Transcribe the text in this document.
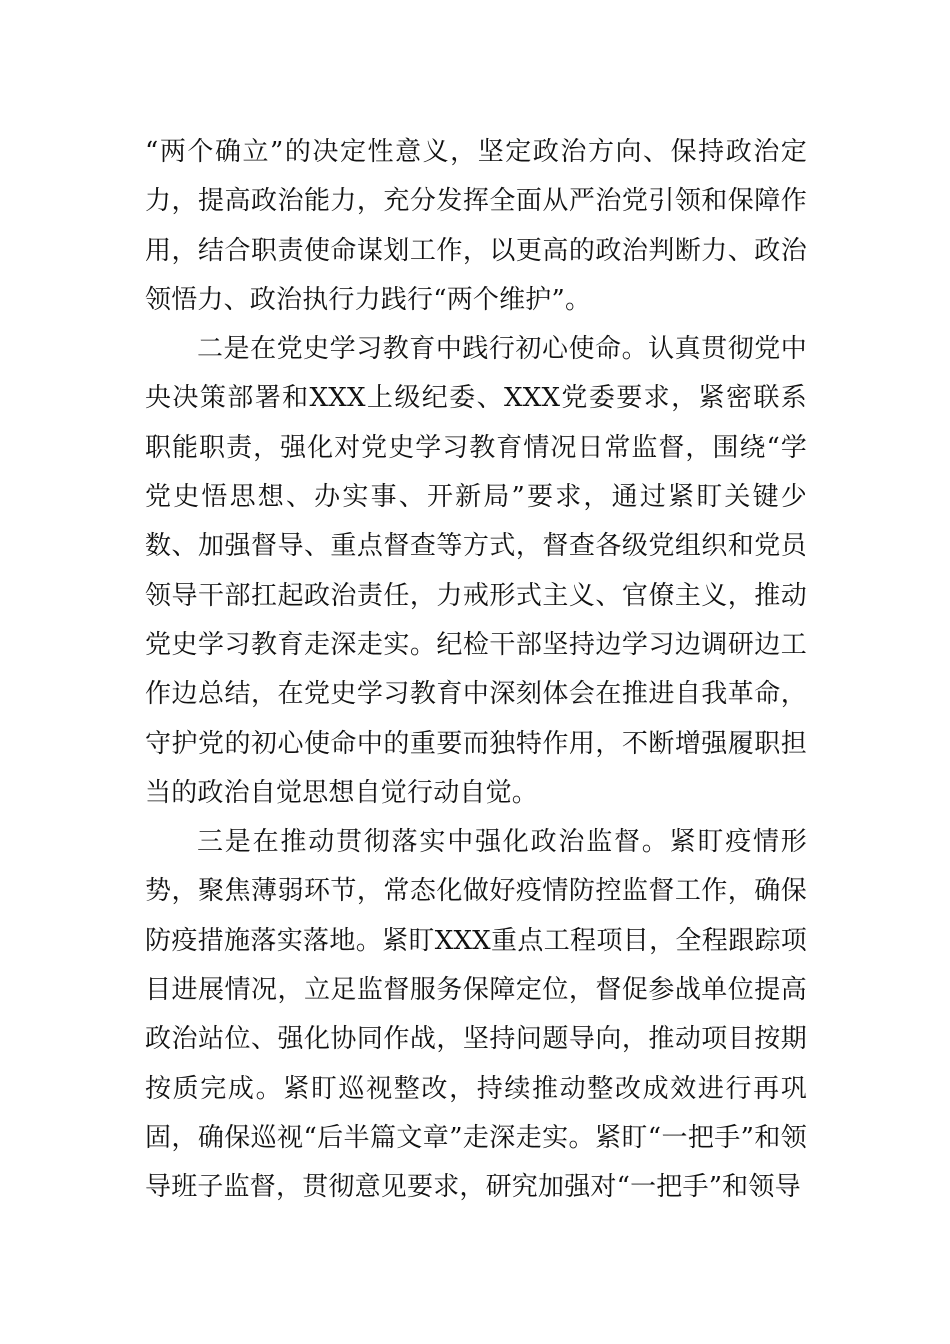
“两个确立”的决定性意义，坚定政治方向、保持政治定力，提高政治能力，充分发挥全面从严治党引领和保障作用，结合职责使命谋划工作，以更高的政治判断力、政治领悟力、政治执行力践行“两个维护”。

二是在党史学习教育中践行初心使命。认真贯彻党中央决策部署和XXX上级纪委、XXX党委要求，紧密联系职能职责，强化对党史学习教育情况日常监督，围绕“学党史悟思想、办实事、开新局”要求，通过紧盯关键少数、加强督导、重点督查等方式，督查各级党组织和党员领导干部扛起政治责任，力戒形式主义、官僚主义，推动党史学习教育走深走实。纪检干部坚持边学习边调研边工作边总结，在党史学习教育中深刻体会在推进自我革命，守护党的初心使命中的重要而独特作用，不断增强履职担当的政治自觉思想自觉行动自觉。

三是在推动贯彻落实中强化政治监督。紧盯疫情形势，聚焦薄弱环节，常态化做好疫情防控监督工作，确保防疫措施落实落地。紧盯XXX重点工程项目，全程跟踪项目进展情况，立足监督服务保障定位，督促参战单位提高政治站位、强化协同作战，坚持问题导向，推动项目按期按质完成。紧盯巡视整改，持续推动整改成效进行再巩固，确保巡视“后半篇文章”走深走实。紧盯“一把手”和领导班子监督，贯彻意见要求，研究加强对“一把手”和领导
